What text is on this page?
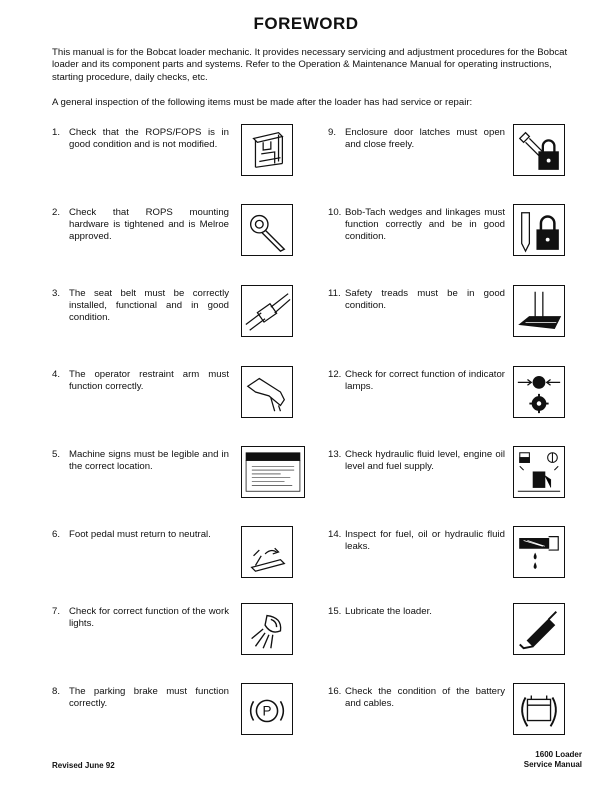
FOREWORD
This manual is for the Bobcat loader mechanic. It provides necessary servicing and adjustment procedures for the Bobcat loader and its component parts and systems. Refer to the Operation & Maintenance Manual for operating instructions, starting procedure, daily checks, etc.
A general inspection of the following items must be made after the loader has had service or repair:
1. Check that the ROPS/FOPS is in good condition and is not modified.
2. Check that ROPS mounting hardware is tightened and is Melroe approved.
3. The seat belt must be correctly installed, functional and in good condition.
4. The operator restraint arm must function correctly.
5. Machine signs must be legible and in the correct location.
6. Foot pedal must return to neutral.
7. Check for correct function of the work lights.
8. The parking brake must function correctly.
P
9. Enclosure door latches must open and close freely.
10. Bob-Tach wedges and linkages must function correctly and be in good condition.
11. Safety treads must be in good condition.
12. Check for correct function of indicator lamps.
13. Check hydraulic fluid level, engine oil level and fuel supply.
14. Inspect for fuel, oil or hydraulic fluid leaks.
15. Lubricate the loader.
16. Check the condition of the battery and cables.
Revised June 92
1600 Loader
Service Manual
